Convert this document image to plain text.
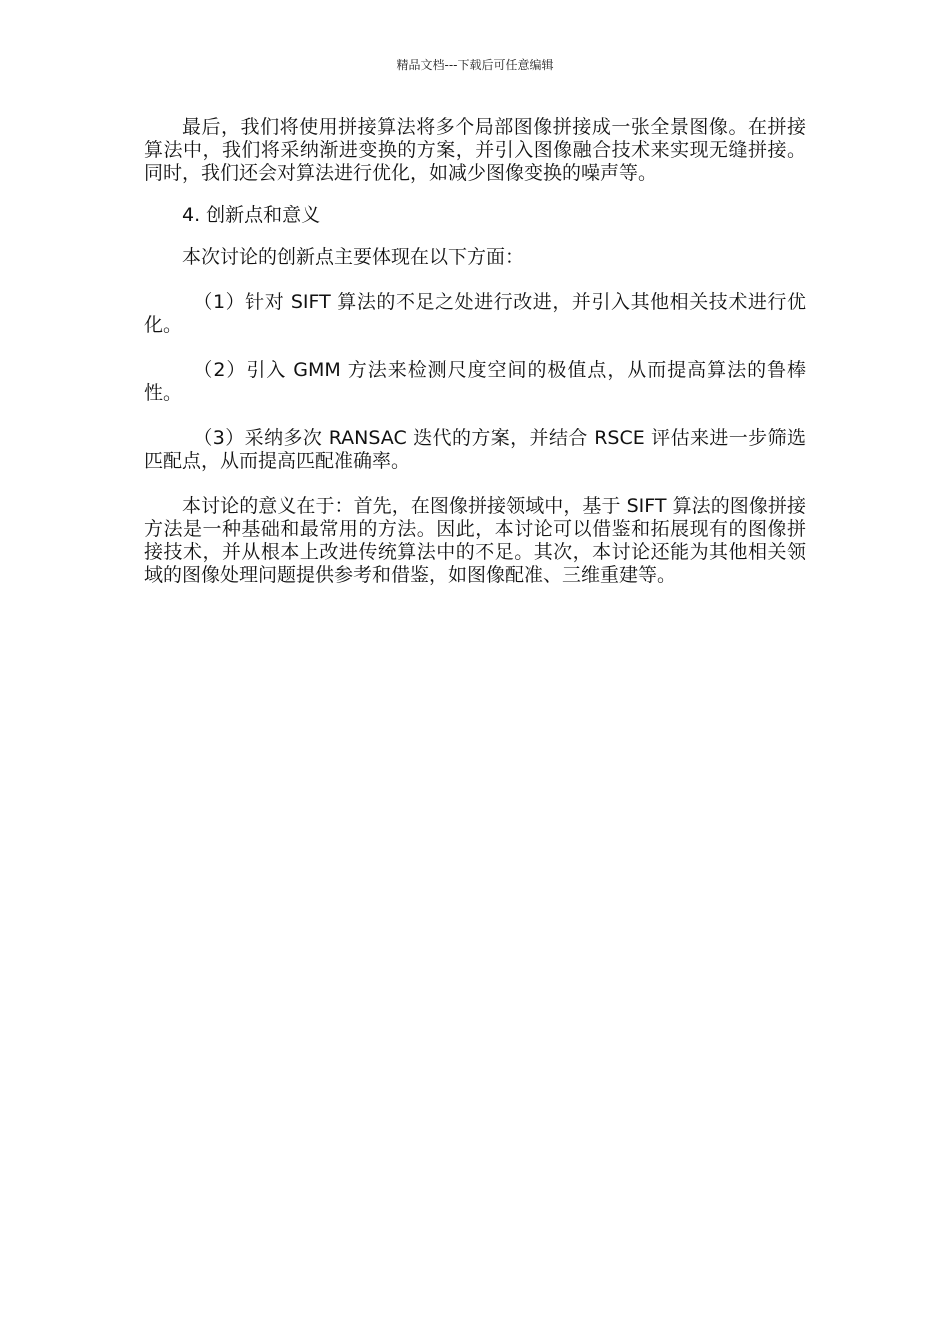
精品文档---下载后可任意编辑

最后，我们将使用拼接算法将多个局部图像拼接成一张全景图像。在拼接算法中，我们将采纳渐进变换的方案，并引入图像融合技术来实现无缝拼接。同时，我们还会对算法进行优化，如减少图像变换的噪声等。

4. 创新点和意义

本次讨论的创新点主要体现在以下方面：

（1）针对 SIFT 算法的不足之处进行改进，并引入其他相关技术进行优化。

（2）引入 GMM 方法来检测尺度空间的极值点，从而提高算法的鲁棒性。

（3）采纳多次 RANSAC 迭代的方案，并结合 RSCE 评估来进一步筛选匹配点，从而提高匹配准确率。

本讨论的意义在于：首先，在图像拼接领域中，基于 SIFT 算法的图像拼接方法是一种基础和最常用的方法。因此，本讨论可以借鉴和拓展现有的图像拼接技术，并从根本上改进传统算法中的不足。其次，本讨论还能为其他相关领域的图像处理问题提供参考和借鉴，如图像配准、三维重建等。
